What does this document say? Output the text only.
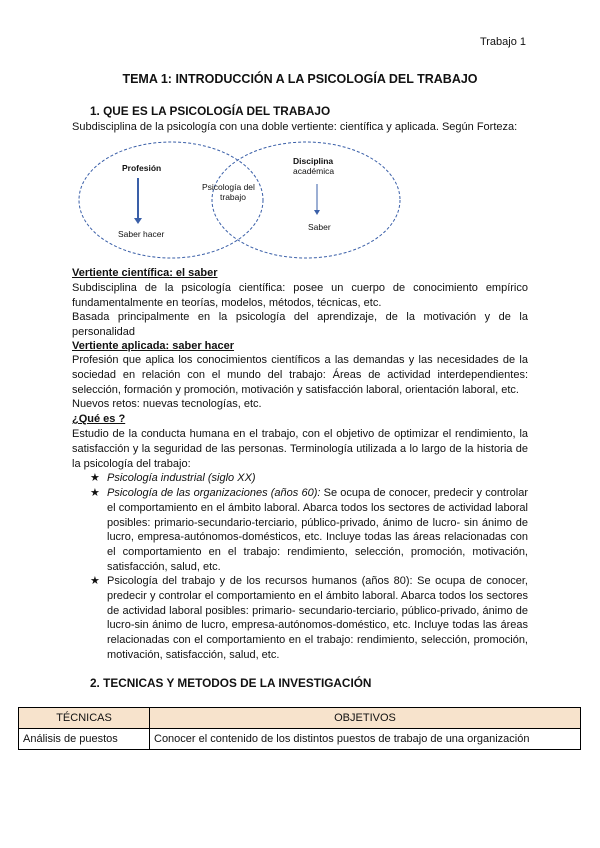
Trabajo 1
TEMA 1: INTRODUCCIÓN A LA PSICOLOGÍA DEL TRABAJO
1. QUE ES LA PSICOLOGÍA DEL TRABAJO
Subdisciplina de la psicología con una doble vertiente: científica y aplicada. Según Forteza:
Profesión
Saber hacer
Psicología del
trabajo
Disciplina
académica
Saber
Vertiente científica: el saber
Subdisciplina de la psicología científica: posee un cuerpo de conocimiento empírico fundamentalmente en teorías, modelos, métodos, técnicas, etc.
Basada principalmente en la psicología del aprendizaje, de la motivación y de la personalidad
Vertiente aplicada: saber hacer
Profesión que aplica los conocimientos científicos a las demandas y las necesidades de la sociedad en relación con el mundo del trabajo: Áreas de actividad interdependientes: selección, formación y promoción, motivación y satisfacción laboral, orientación laboral, etc.
Nuevos retos: nuevas tecnologías, etc.
¿Qué es ?
Estudio de la conducta humana en el trabajo, con el objetivo de optimizar el rendimiento, la satisfacción y la seguridad de las personas. Terminología utilizada a lo largo de la historia de la psicología del trabajo:
★ Psicología industrial (siglo XX)
★ Psicología de las organizaciones (años 60): Se ocupa de conocer, predecir y controlar el comportamiento en el ámbito laboral. Abarca todos los sectores de actividad laboral posibles: primario-secundario-terciario, público-privado, ánimo de lucro- sin ánimo de lucro, empresa-autónomos-domésticos, etc. Incluye todas las áreas relacionadas con el comportamiento en el trabajo: rendimiento, selección, promoción, motivación, satisfacción, salud, etc.
★ Psicología del trabajo y de los recursos humanos (años 80): Se ocupa de conocer, predecir y controlar el comportamiento en el ámbito laboral. Abarca todos los sectores de actividad laboral posibles: primario- secundario-terciario, público-privado, ánimo de lucro-sin ánimo de lucro, empresa-autónomos-doméstico, etc. Incluye todas las áreas relacionadas con el comportamiento en el trabajo: rendimiento, selección, promoción, motivación, satisfacción, salud, etc.
2. TECNICAS Y METODOS DE LA INVESTIGACIÓN
TÉCNICAS	OBJETIVOS
Análisis de puestos	Conocer el contenido de los distintos puestos de trabajo de una organización
